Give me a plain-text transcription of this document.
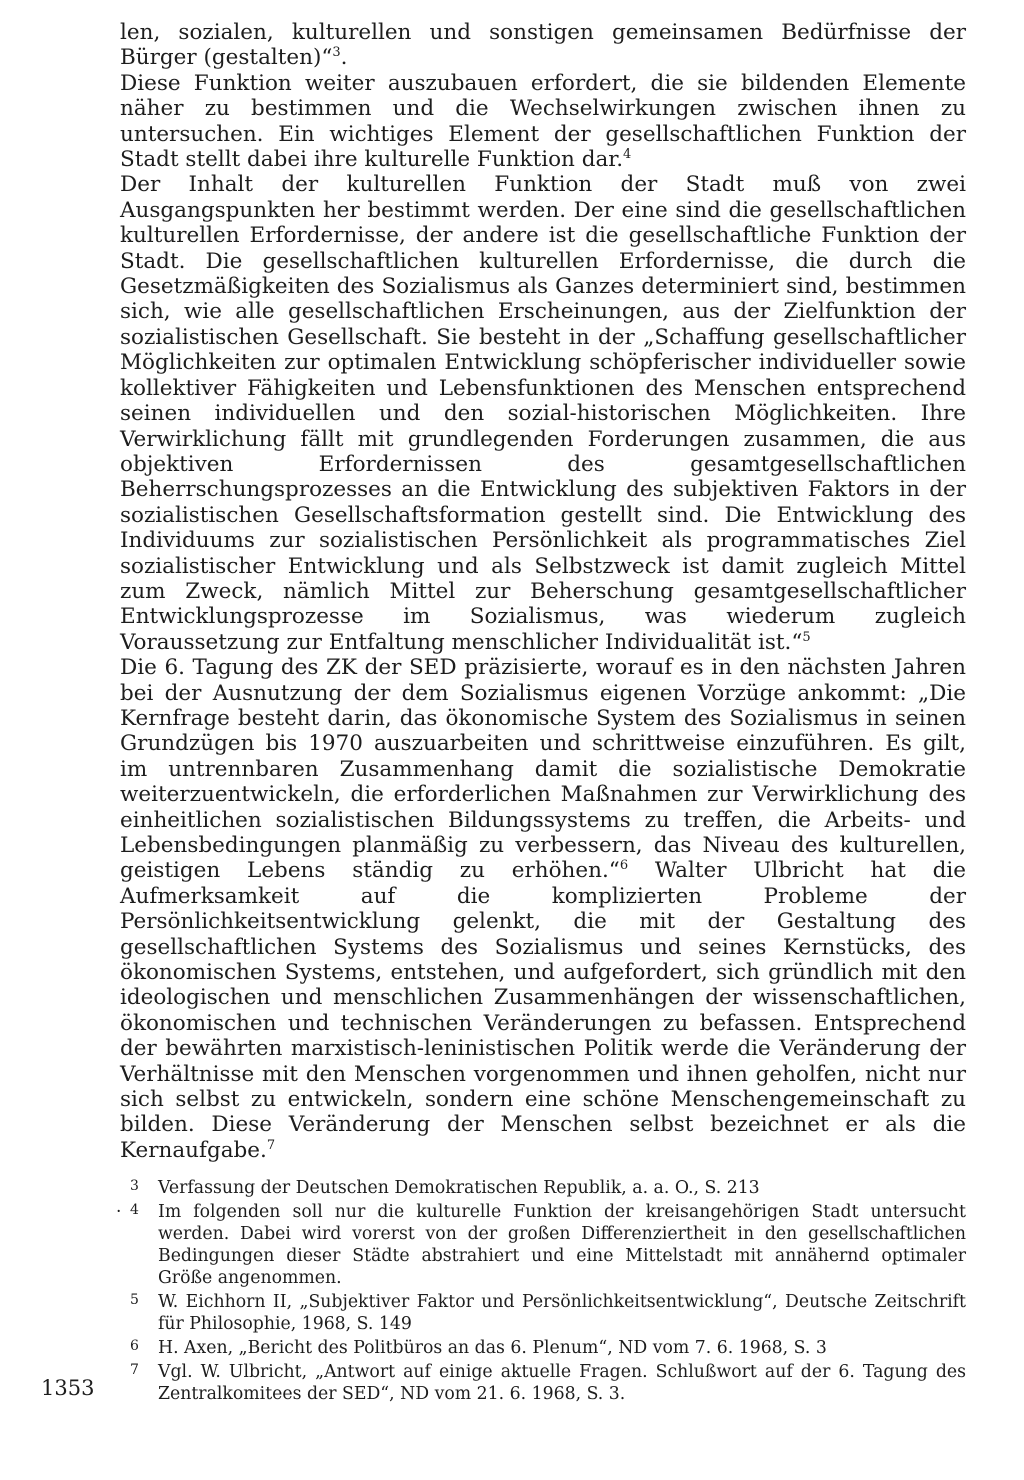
len, sozialen, kulturellen und sonstigen gemeinsamen Bedürfnisse der Bürger (gestalten)“$^3$.

Diese Funktion weiter auszubauen erfordert, die sie bildenden Elemente näher zu bestimmen und die Wechselwirkungen zwischen ihnen zu untersuchen. Ein wichtiges Element der gesellschaftlichen Funktion der Stadt stellt dabei ihre kulturelle Funktion dar.$^4$

Der Inhalt der kulturellen Funktion der Stadt muß von zwei Ausgangspunkten her bestimmt werden. Der eine sind die gesellschaftlichen kulturellen Erfordernisse, der andere ist die gesellschaftliche Funktion der Stadt. Die gesellschaftlichen kulturellen Erfordernisse, die durch die Gesetzmäßigkeiten des Sozialismus als Ganzes determiniert sind, bestimmen sich, wie alle gesellschaftlichen Erscheinungen, aus der Zielfunktion der sozialistischen Gesellschaft. Sie besteht in der „Schaffung gesellschaftlicher Möglichkeiten zur optimalen Entwicklung schöpferischer individueller sowie kollektiver Fähigkeiten und Lebensfunktionen des Menschen entsprechend seinen individuellen und den sozial-historischen Möglichkeiten. Ihre Verwirklichung fällt mit grundlegenden Forderungen zusammen, die aus objektiven Erfordernissen des gesamtgesellschaftlichen Beherrschungsprozesses an die Entwicklung des subjektiven Faktors in der sozialistischen Gesellschaftsformation gestellt sind. Die Entwicklung des Individuums zur sozialistischen Persönlichkeit als programmatisches Ziel sozialistischer Entwicklung und als Selbstzweck ist damit zugleich Mittel zum Zweck, nämlich Mittel zur Beherschung gesamtgesellschaftlicher Entwicklungsprozesse im Sozialismus, was wiederum zugleich Voraussetzung zur Entfaltung menschlicher Individualität ist.“$^5$

Die 6. Tagung des ZK der SED präzisierte, worauf es in den nächsten Jahren bei der Ausnutzung der dem Sozialismus eigenen Vorzüge ankommt: „Die Kernfrage besteht darin, das ökonomische System des Sozialismus in seinen Grundzügen bis 1970 auszuarbeiten und schrittweise einzuführen. Es gilt, im untrennbaren Zusammenhang damit die sozialistische Demokratie weiterzuentwickeln, die erforderlichen Maßnahmen zur Verwirklichung des einheitlichen sozialistischen Bildungssystems zu treffen, die Arbeits- und Lebensbedingungen planmäßig zu verbessern, das Niveau des kulturellen, geistigen Lebens ständig zu erhöhen.“$^6$ Walter Ulbricht hat die Aufmerksamkeit auf die komplizierten Probleme der Persönlichkeitsentwicklung gelenkt, die mit der Gestaltung des gesellschaftlichen Systems des Sozialismus und seines Kernstücks, des ökonomischen Systems, entstehen, und aufgefordert, sich gründlich mit den ideologischen und menschlichen Zusammenhängen der wissenschaftlichen, ökonomischen und technischen Veränderungen zu befassen. Entsprechend der bewährten marxistisch-leninistischen Politik werde die Veränderung der Verhältnisse mit den Menschen vorgenommen und ihnen geholfen, nicht nur sich selbst zu entwickeln, sondern eine schöne Menschengemeinschaft zu bilden. Diese Veränderung der Menschen selbst bezeichnet er als die Kernaufgabe.$^7$

3 Verfassung der Deutschen Demokratischen Republik, a. a. O., S. 213
· 4 Im folgenden soll nur die kulturelle Funktion der kreisangehörigen Stadt untersucht werden. Dabei wird vorerst von der großen Differenziertheit in den gesellschaftlichen Bedingungen dieser Städte abstrahiert und eine Mittelstadt mit annähernd optimaler Größe angenommen.
5 W. Eichhorn II, „Subjektiver Faktor und Persönlichkeitsentwicklung“, Deutsche Zeitschrift für Philosophie, 1968, S. 149
6 H. Axen, „Bericht des Politbüros an das 6. Plenum“, ND vom 7. 6. 1968, S. 3
7 Vgl. W. Ulbricht, „Antwort auf einige aktuelle Fragen. Schlußwort auf der 6. Tagung des Zentralkomitees der SED“, ND vom 21. 6. 1968, S. 3.
1353
